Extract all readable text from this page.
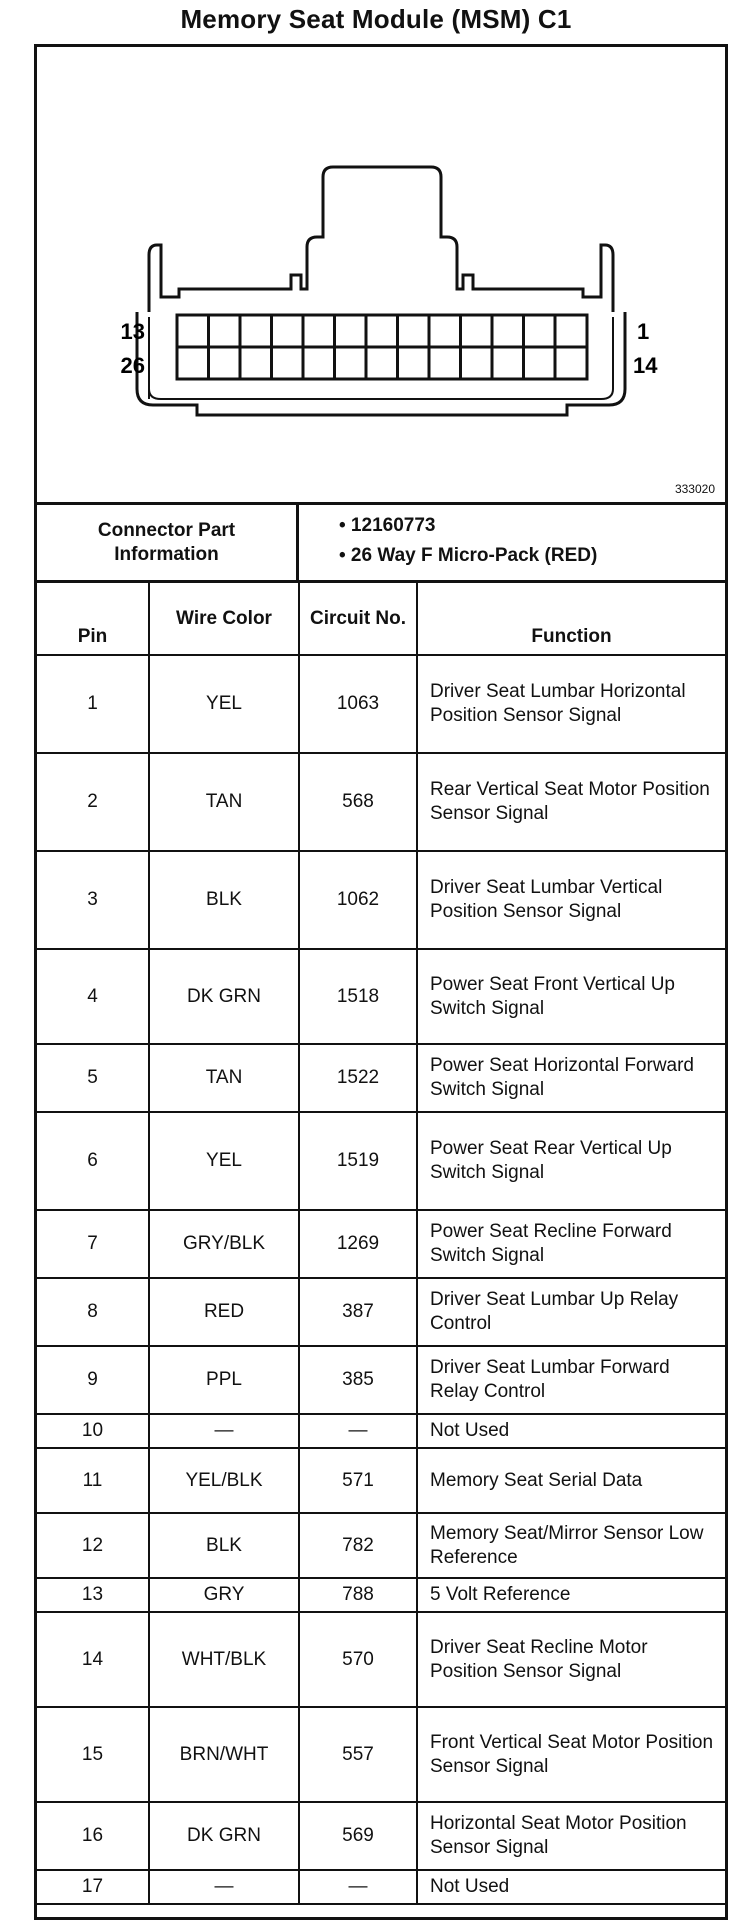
Memory Seat Module (MSM) C1
13
26
1
14
333020
Connector Part Information
• 12160773
• 26 Way F Micro-Pack (RED)
Pin	Wire Color	Circuit No.	Function
1	YEL	1063	Driver Seat Lumbar Horizontal Position Sensor Signal
2	TAN	568	Rear Vertical Seat Motor Position Sensor Signal
3	BLK	1062	Driver Seat Lumbar Vertical Position Sensor Signal
4	DK GRN	1518	Power Seat Front Vertical Up Switch Signal
5	TAN	1522	Power Seat Horizontal Forward Switch Signal
6	YEL	1519	Power Seat Rear Vertical Up Switch Signal
7	GRY/BLK	1269	Power Seat Recline Forward Switch Signal
8	RED	387	Driver Seat Lumbar Up Relay Control
9	PPL	385	Driver Seat Lumbar Forward Relay Control
10	—	—	Not Used
11	YEL/BLK	571	Memory Seat Serial Data
12	BLK	782	Memory Seat/Mirror Sensor Low Reference
13	GRY	788	5 Volt Reference
14	WHT/BLK	570	Driver Seat Recline Motor Position Sensor Signal
15	BRN/WHT	557	Front Vertical Seat Motor Position Sensor Signal
16	DK GRN	569	Horizontal Seat Motor Position Sensor Signal
17	—	—	Not Used
